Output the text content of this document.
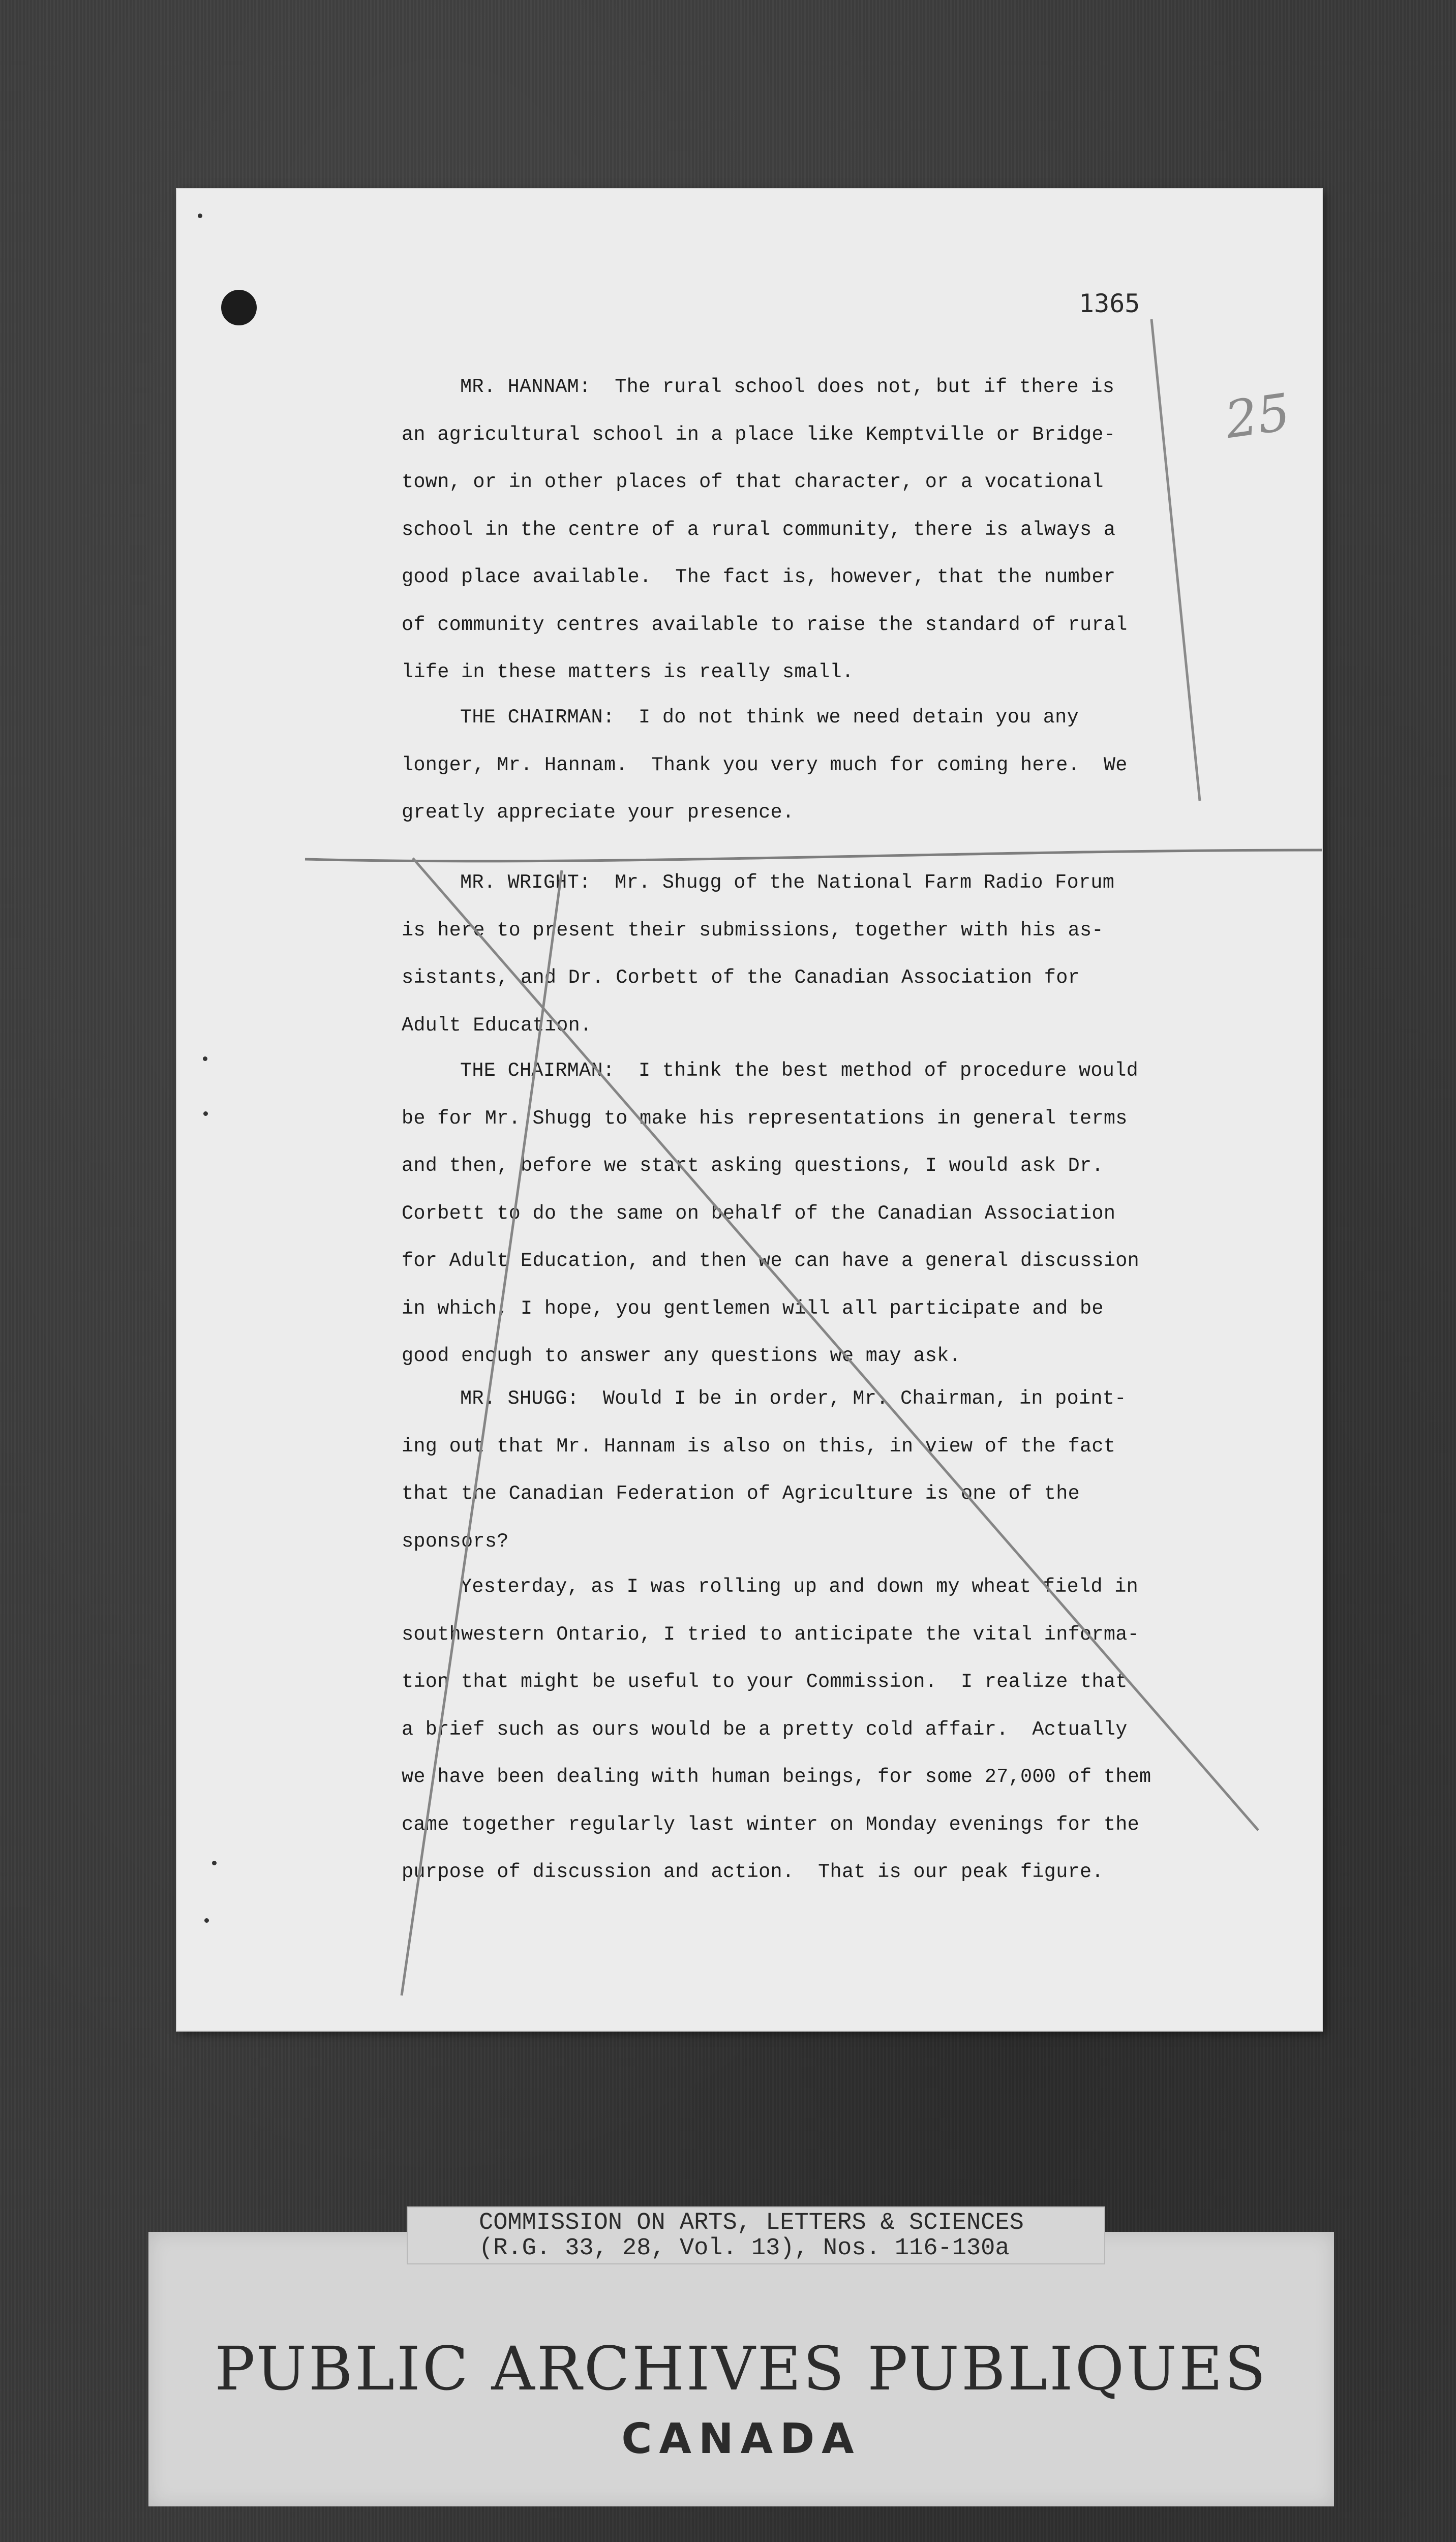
1365
25
MR. HANNAM:  The rural school does not, but if there is
an agricultural school in a place like Kemptville or Bridge-
town, or in other places of that character, or a vocational
school in the centre of a rural community, there is always a
good place available.  The fact is, however, that the number
of community centres available to raise the standard of rural
life in these matters is really small.
THE CHAIRMAN:  I do not think we need detain you any
longer, Mr. Hannam.  Thank you very much for coming here.  We
greatly appreciate your presence.
MR. WRIGHT:  Mr. Shugg of the National Farm Radio Forum
is here to present their submissions, together with his as-
sistants, and Dr. Corbett of the Canadian Association for
Adult Education.
THE CHAIRMAN:  I think the best method of procedure would
be for Mr. Shugg to make his representations in general terms
and then, before we start asking questions, I would ask Dr.
Corbett to do the same on behalf of the Canadian Association
for Adult Education, and then we can have a general discussion
in which, I hope, you gentlemen will all participate and be
good enough to answer any questions we may ask.
MR. SHUGG:  Would I be in order, Mr. Chairman, in point-
ing out that Mr. Hannam is also on this, in view of the fact
that the Canadian Federation of Agriculture is one of the
sponsors?
Yesterday, as I was rolling up and down my wheat field in
southwestern Ontario, I tried to anticipate the vital informa-
tion that might be useful to your Commission.  I realize that
a brief such as ours would be a pretty cold affair.  Actually
we have been dealing with human beings, for some 27,000 of them
came together regularly last winter on Monday evenings for the
purpose of discussion and action.  That is our peak figure.
PUBLIC ARCHIVES PUBLIQUES
CANADA
COMMISSION ON ARTS, LETTERS & SCIENCES
(R.G. 33, 28, Vol. 13), Nos. 116-130a
